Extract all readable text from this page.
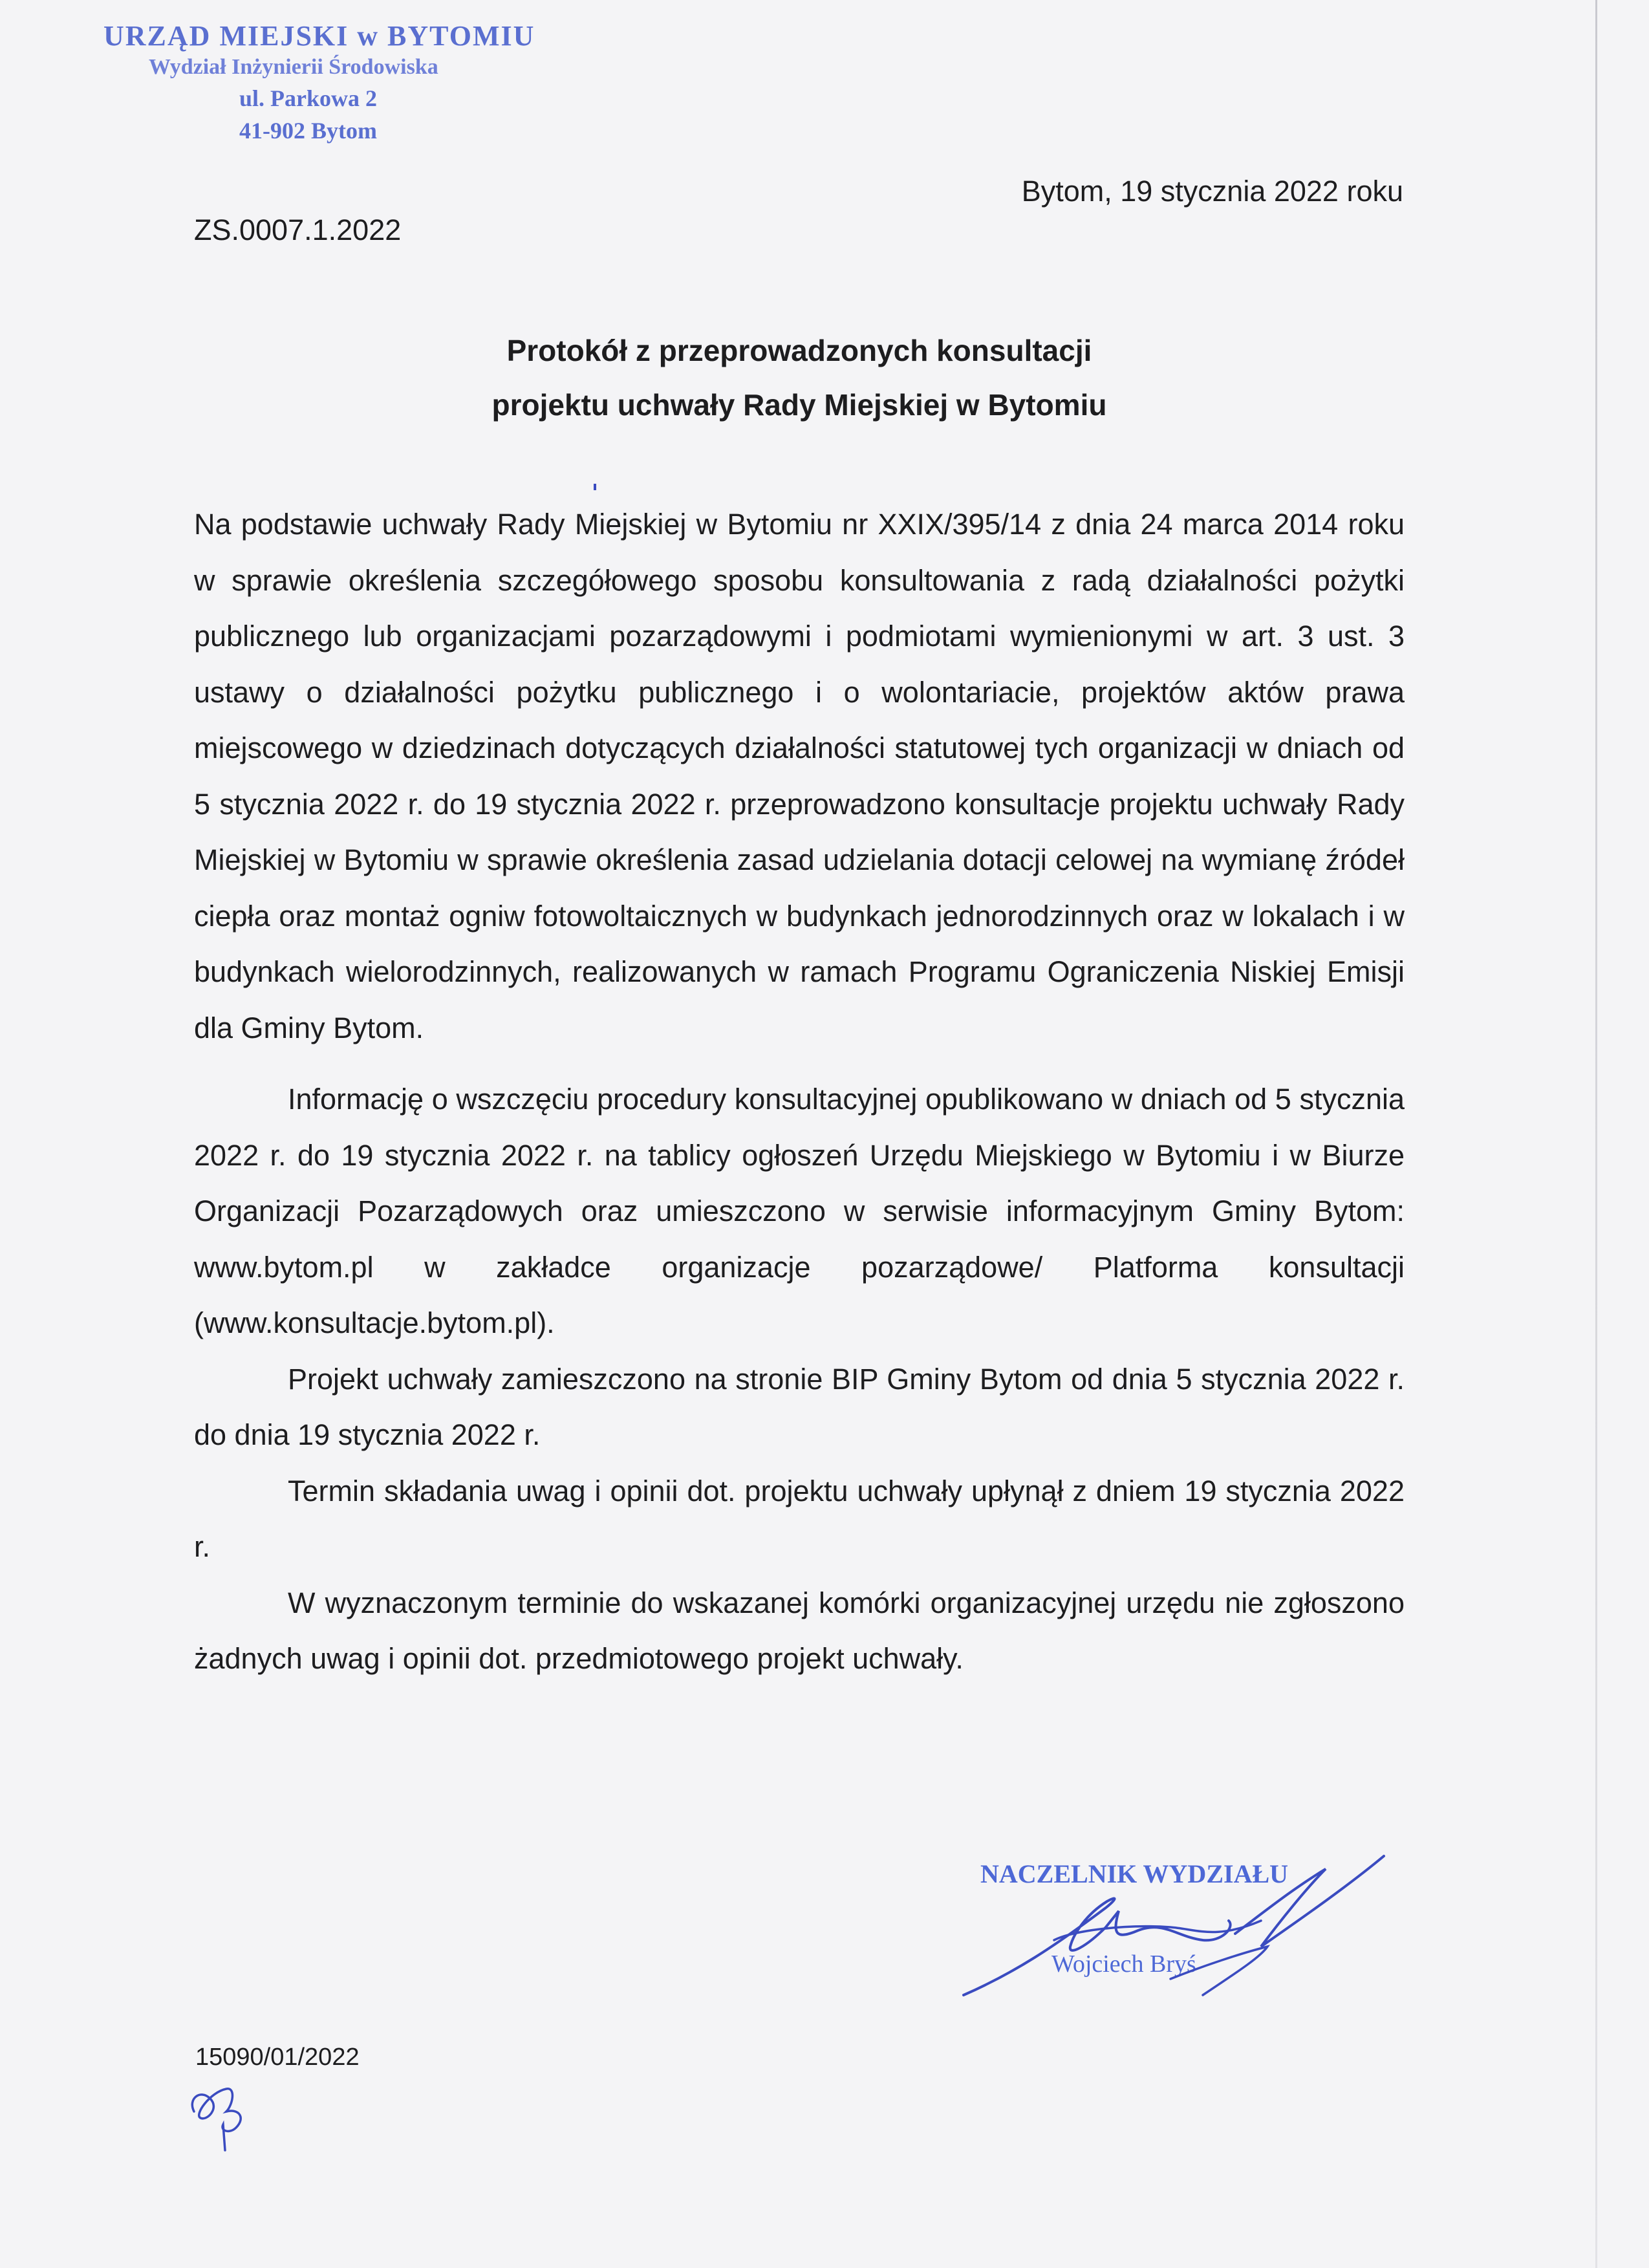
URZĄD MIEJSKI w BYTOMIU
Wydział Inżynierii Środowiska
ul. Parkowa 2
41-902 Bytom
Bytom, 19 stycznia 2022 roku
ZS.0007.1.2022
Protokół z przeprowadzonych konsultacji
projektu uchwały Rady Miejskiej w Bytomiu

Na podstawie uchwały Rady Miejskiej w Bytomiu nr XXIX/395/14 z dnia 24 marca 2014 roku w sprawie określenia szczegółowego sposobu konsultowania z radą działalności pożytki publicznego lub organizacjami pozarządowymi i podmiotami wymienionymi w art. 3 ust. 3 ustawy o działalności pożytku publicznego i o wolontariacie, projektów aktów prawa miejscowego w dziedzinach dotyczących działalności statutowej tych organizacji w dniach od 5 stycznia 2022 r. do 19 stycznia 2022 r. przeprowadzono konsultacje projektu uchwały Rady Miejskiej w Bytomiu w sprawie określenia zasad udzielania dotacji celowej na wymianę źródeł ciepła oraz montaż ogniw fotowoltaicznych w budynkach jednorodzinnych oraz w lokalach i w budynkach wielorodzinnych, realizowanych w ramach Programu Ograniczenia Niskiej Emisji dla Gminy Bytom.

Informację o wszczęciu procedury konsultacyjnej opublikowano w dniach od 5 stycznia 2022 r. do 19 stycznia 2022 r. na tablicy ogłoszeń Urzędu Miejskiego w Bytomiu i w Biurze Organizacji Pozarządowych oraz umieszczono w serwisie informacyjnym Gminy Bytom: www.bytom.pl w zakładce organizacje pozarządowe/ Platforma konsultacji (www.konsultacje.bytom.pl).

Projekt uchwały zamieszczono na stronie BIP Gminy Bytom od dnia 5 stycznia 2022 r. do dnia 19 stycznia 2022 r.

Termin składania uwag i opinii dot. projektu uchwały upłynął z dniem 19 stycznia 2022 r.

W wyznaczonym terminie do wskazanej komórki organizacyjnej urzędu nie zgłoszono żadnych uwag i opinii dot. przedmiotowego projekt uchwały.

NACZELNIK WYDZIAŁU
Wojciech Bryś
15090/01/2022
